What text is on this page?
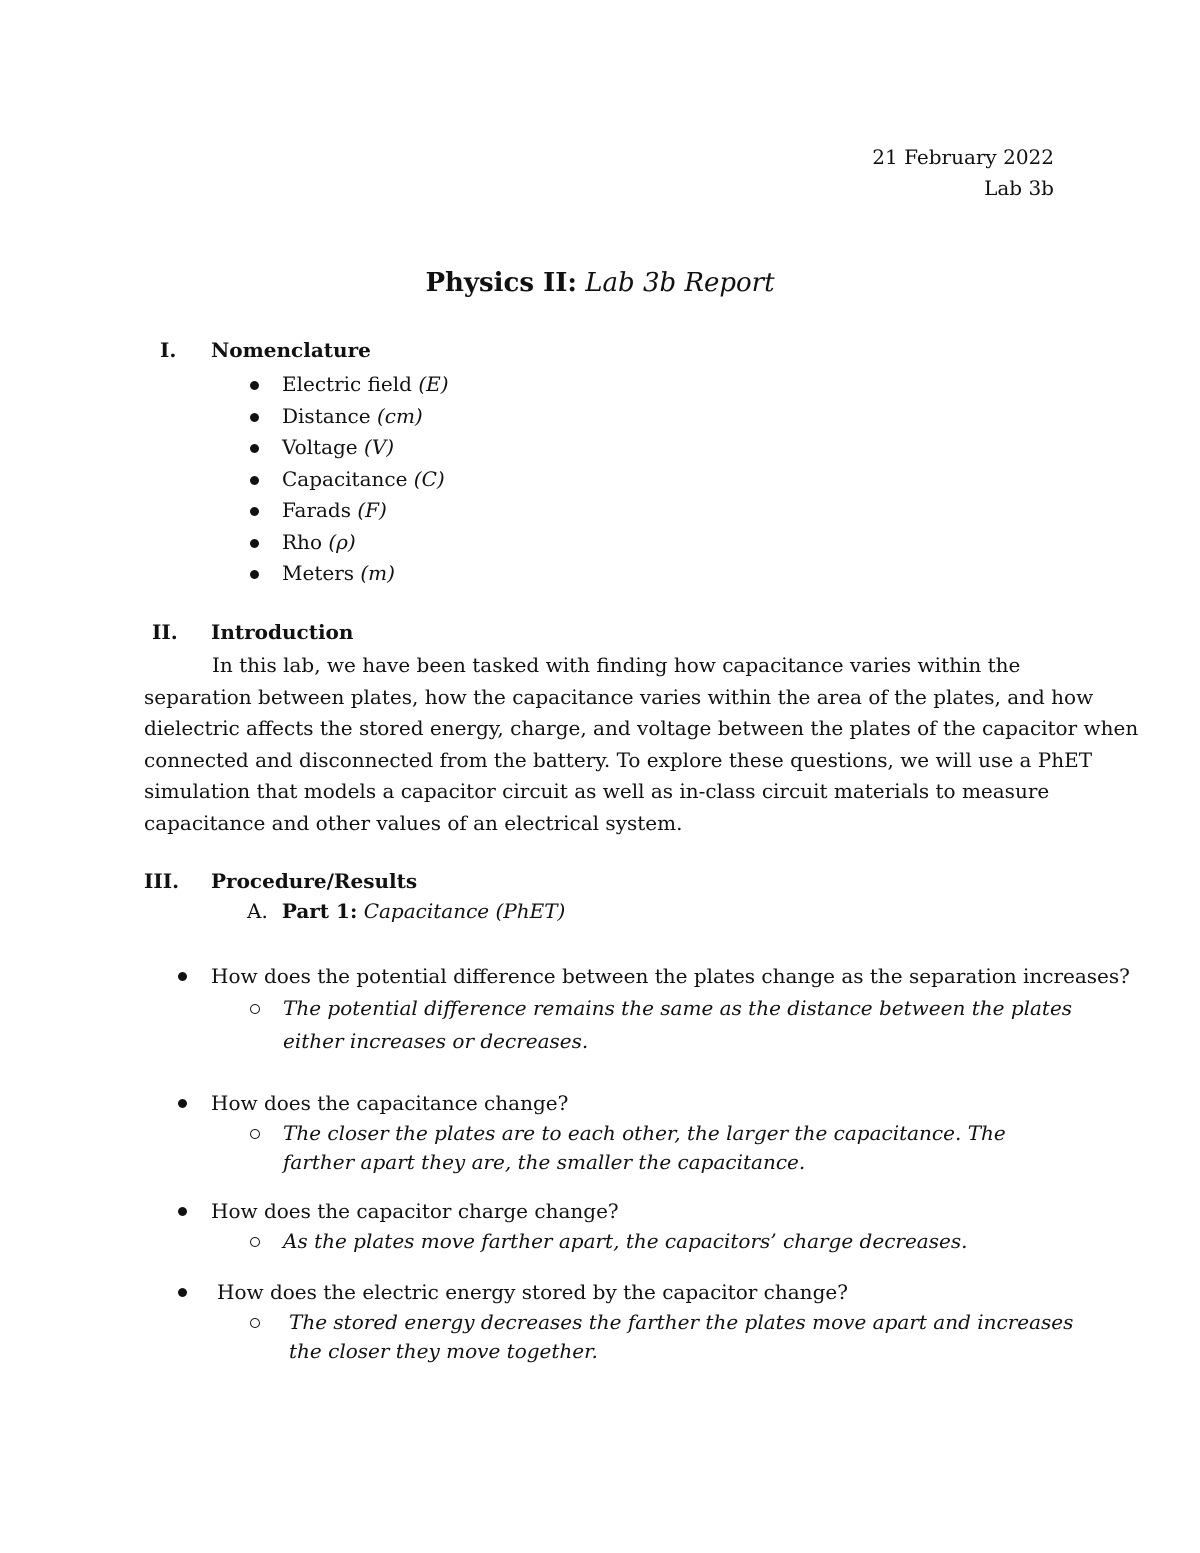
21 February 2022
Lab 3b
Physics II: Lab 3b Report
I. Nomenclature
Electric field (E)
Distance (cm)
Voltage (V)
Capacitance (C)
Farads (F)
Rho (ρ)
Meters (m)
II. Introduction
In this lab, we have been tasked with finding how capacitance varies within the
separation between plates, how the capacitance varies within the area of the plates, and how
dielectric affects the stored energy, charge, and voltage between the plates of the capacitor when
connected and disconnected from the battery. To explore these questions, we will use a PhET
simulation that models a capacitor circuit as well as in-class circuit materials to measure
capacitance and other values of an electrical system.
III. Procedure/Results
A. Part 1: Capacitance (PhET)
How does the potential difference between the plates change as the separation increases?
The potential difference remains the same as the distance between the plates either increases or decreases.
How does the capacitance change?
The closer the plates are to each other, the larger the capacitance. The farther apart they are, the smaller the capacitance.
How does the capacitor charge change?
As the plates move farther apart, the capacitors’ charge decreases.
How does the electric energy stored by the capacitor change?
The stored energy decreases the farther the plates move apart and increases the closer they move together.
